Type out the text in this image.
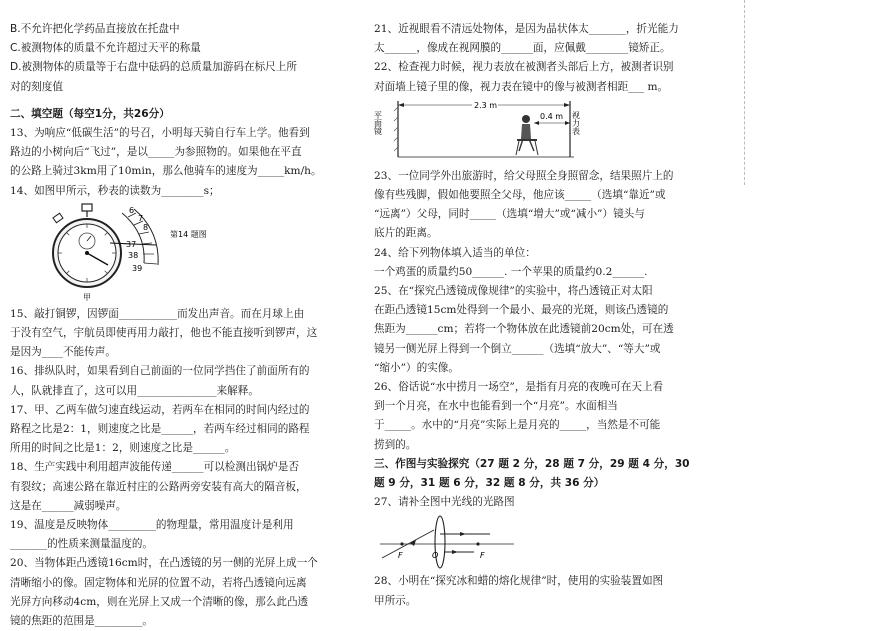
B.不允许把化学药品直接放在托盘中
C.被测物体的质量不允许超过天平的称量
D.被测物体的质量等于右盘中砝码的总质量加游码在标尺上所
对的刻度值
二、填空题（每空1分，共26分）
13、为响应“低碳生活”的号召，小明每天骑自行车上学。他看到
路边的小树向后“飞过”，是以_____为参照物的。如果他在平直
的公路上骑过3km用了10min，那么他骑车的速度为_____km/h。
14、如图甲所示，秒表的读数为________s；
6
7
8
37
38
39
第14 题图
甲
15、敲打铜锣，因锣面___________而发出声音。而在月球上由
于没有空气，宇航员即使再用力敲打，他也不能直接听到锣声，这
是因为____不能传声。
16、排纵队时，如果看到自己前面的一位同学挡住了前面所有的
人，队就排直了，这可以用_______________来解释。
17、甲、乙两车做匀速直线运动，若两车在相同的时间内经过的
路程之比是2：1，则速度之比是______，若两车经过相同的路程
所用的时间之比是1：2，则速度之比是______。
18、生产实践中利用超声波能传递______可以检测出锅炉是否
有裂纹；高速公路在靠近村庄的公路两旁安装有高大的隔音板，
这是在______减弱噪声。
19、温度是反映物体_________的物理量，常用温度计是利用
_______的性质来测量温度的。
20、当物体距凸透镜16cm时，在凸透镜的另一侧的光屏上成一个
清晰缩小的像。固定物体和光屏的位置不动，若将凸透镜向远离
光屏方向移动4cm，则在光屏上又成一个清晰的像，那么此凸透
镜的焦距的范围是_________。
21、近视眼看不清远处物体，是因为晶状体太_______，折光能力
太______，像成在视网膜的______面，应佩戴________镜矫正。
22、检查视力时候，视力表放在被测者头部后上方，被测者识别
对面墙上镜子里的像，视力表在镜中的像与被测者相距___ m。
平面镜	视力表
2.3 m
0.4 m
23、一位同学外出旅游时，给父母照全身照留念，结果照片上的
像有些残脚，假如他要照全父母，他应该_____（选填“靠近”或
“远离”）父母，同时_____（选填“增大”或“减小”）镜头与
底片的距离。
24、给下列物体填入适当的单位：
一个鸡蛋的质量约50______. 一个苹果的质量约0.2______.
25、在“探究凸透镜成像规律”的实验中，将凸透镜正对太阳
在距凸透镜15cm处得到一个最小、最亮的光斑，则该凸透镜的
焦距为______cm；若将一个物体放在此透镜前20cm处，可在透
镜另一侧光屏上得到一个倒立______（选填“放大”、“等大”或
“缩小”）的实像。
26、俗话说“水中捞月一场空”，是指有月亮的夜晚可在天上看
到一个月亮，在水中也能看到一个“月亮”。水面相当
于_____。水中的“月亮”实际上是月亮的_____，当然是不可能
捞到的。
三、作图与实验探究（27 题 2 分，28 题 7 分，29 题 4 分，30
题 9 分，31 题 6 分，32 题 8 分，共 36 分）
27、请补全图中光线的光路图
F	O	F
28、小明在“探究冰和蜡的熔化规律”时，使用的实验装置如图
甲所示。
